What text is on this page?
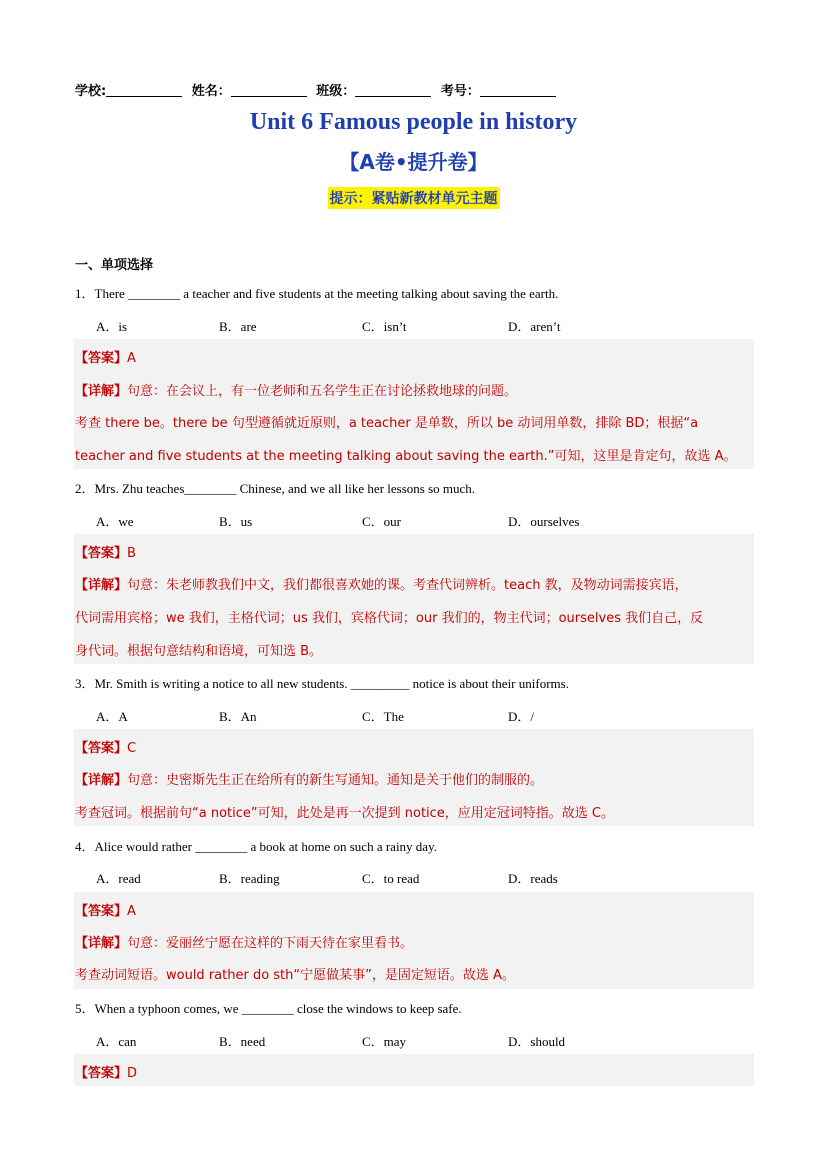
学校:	姓名：	班级：	考号：
Unit 6 Famous people in history
【A卷•提升卷】
提示：紧贴新教材单元主题
一、单项选择
1．There ________ a teacher and five students at the meeting talking about saving the earth.
A．is	B．are	C．isn’t	D．aren’t
【答案】A
【详解】句意：在会议上，有一位老师和五名学生正在讨论拯救地球的问题。
考查 there be。there be 句型遵循就近原则，a teacher 是单数，所以 be 动词用单数，排除 BD；根据“a
teacher and five students at the meeting talking about saving the earth.”可知，这里是肯定句，故选 A。
2．Mrs. Zhu teaches________ Chinese, and we all like her lessons so much.
A．we	B．us	C．our	D．ourselves
【答案】B
【详解】句意：朱老师教我们中文，我们都很喜欢她的课。考查代词辨析。teach 教，及物动词需接宾语，
代词需用宾格；we 我们，主格代词；us 我们，宾格代词；our 我们的，物主代词；ourselves 我们自己，反
身代词。根据句意结构和语境，可知选 B。
3．Mr. Smith is writing a notice to all new students. _________ notice is about their uniforms.
A．A	B．An	C．The	D．/
【答案】C
【详解】句意：史密斯先生正在给所有的新生写通知。通知是关于他们的制服的。
考查冠词。根据前句“a notice”可知，此处是再一次提到 notice，应用定冠词特指。故选 C。
4．Alice would rather ________ a book at home on such a rainy day.
A．read	B．reading	C．to read	D．reads
【答案】A
【详解】句意：爱丽丝宁愿在这样的下雨天待在家里看书。
考查动词短语。would rather do sth“宁愿做某事”，是固定短语。故选 A。
5．When a typhoon comes, we ________ close the windows to keep safe.
A．can	B．need	C．may	D．should
【答案】D
